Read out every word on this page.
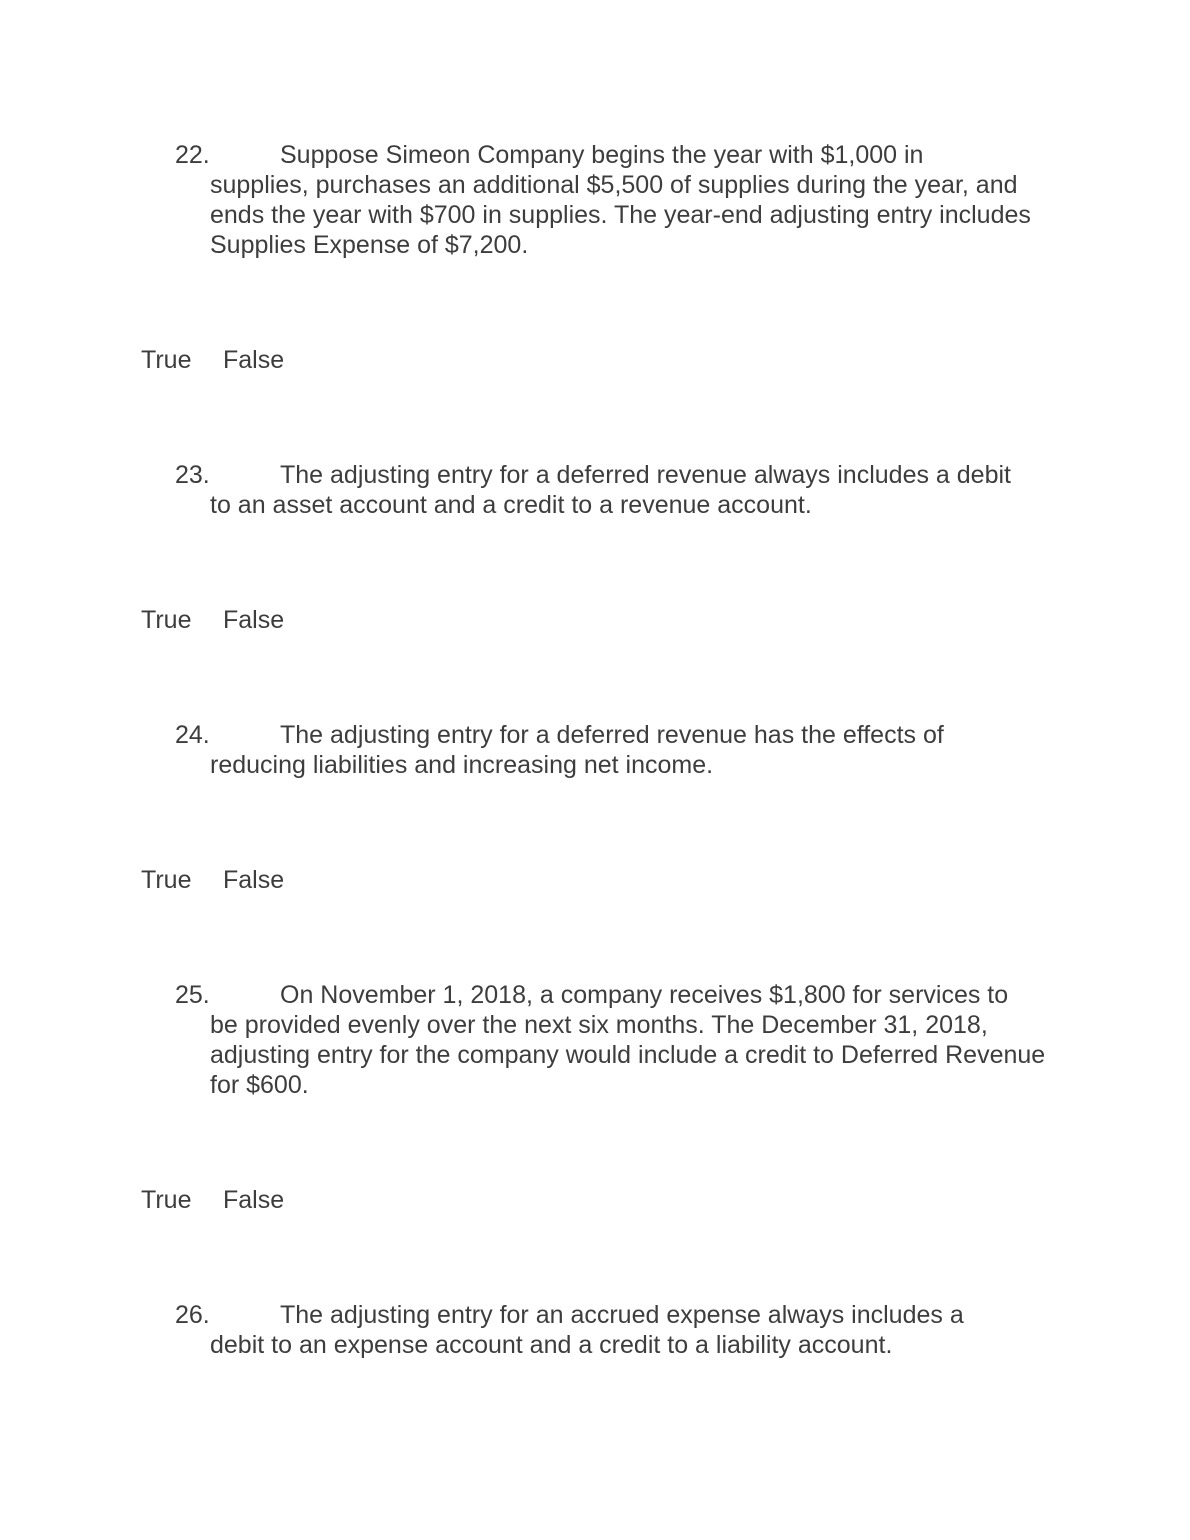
22.	Suppose Simeon Company begins the year with $1,000 in
supplies, purchases an additional $5,500 of supplies during the year, and ends the year with $700 in supplies. The year-end adjusting entry includes Supplies Expense of $7,200.
True False
23.	The adjusting entry for a deferred revenue always includes a debit
to an asset account and a credit to a revenue account.
True False
24.	The adjusting entry for a deferred revenue has the effects of
reducing liabilities and increasing net income.
True False
25.	On November 1, 2018, a company receives $1,800 for services to
be provided evenly over the next six months. The December 31, 2018, adjusting entry for the company would include a credit to Deferred Revenue for $600.
True False
26.	The adjusting entry for an accrued expense always includes a
debit to an expense account and a credit to a liability account.
